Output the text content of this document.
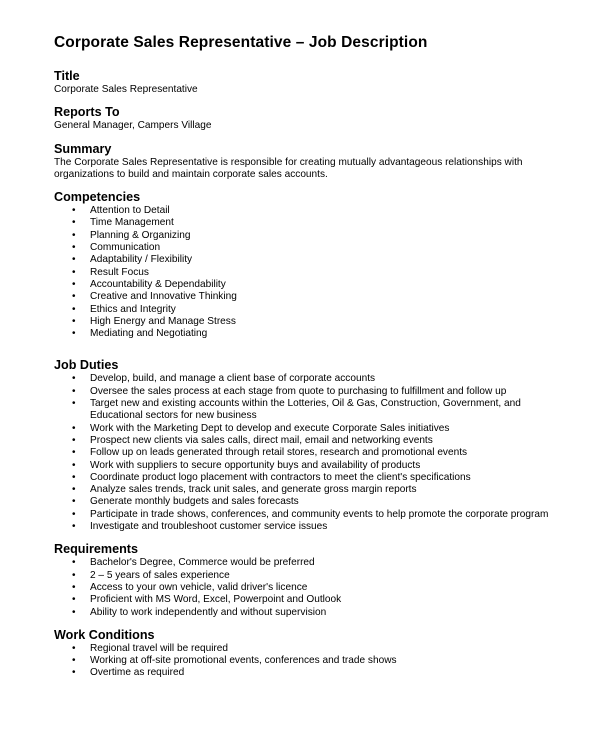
Corporate Sales Representative – Job Description
Title

Corporate Sales Representative

Reports To

General Manager, Campers Village

Summary

The Corporate Sales Representative is responsible for creating mutually advantageous relationships with

organizations to build and maintain corporate sales accounts.

Competencies
• Attention to Detail
• Time Management
• Planning & Organizing
• Communication
• Adaptability / Flexibility
• Result Focus
• Accountability & Dependability
• Creative and Innovative Thinking
• Ethics and Integrity
• High Energy and Manage Stress
• Mediating and Negotiating
Job Duties
• Develop, build, and manage a client base of corporate accounts
• Oversee the sales process at each stage from quote to purchasing to fulfillment and follow up
• Target new and existing accounts within the Lotteries, Oil & Gas, Construction, Government, and
Educational sectors for new business
• Work with the Marketing Dept to develop and execute Corporate Sales initiatives
• Prospect new clients via sales calls, direct mail, email and networking events
• Follow up on leads generated through retail stores, research and promotional events
• Work with suppliers to secure opportunity buys and availability of products
• Coordinate product logo placement with contractors to meet the client's specifications
• Analyze sales trends, track unit sales, and generate gross margin reports
• Generate monthly budgets and sales forecasts
• Participate in trade shows, conferences, and community events to help promote the corporate program
• Investigate and troubleshoot customer service issues
Requirements
• Bachelor's Degree, Commerce would be preferred
• 2 – 5 years of sales experience
• Access to your own vehicle, valid driver's licence
• Proficient with MS Word, Excel, Powerpoint and Outlook
• Ability to work independently and without supervision
Work Conditions
• Regional travel will be required
• Working at off-site promotional events, conferences and trade shows
• Overtime as required
